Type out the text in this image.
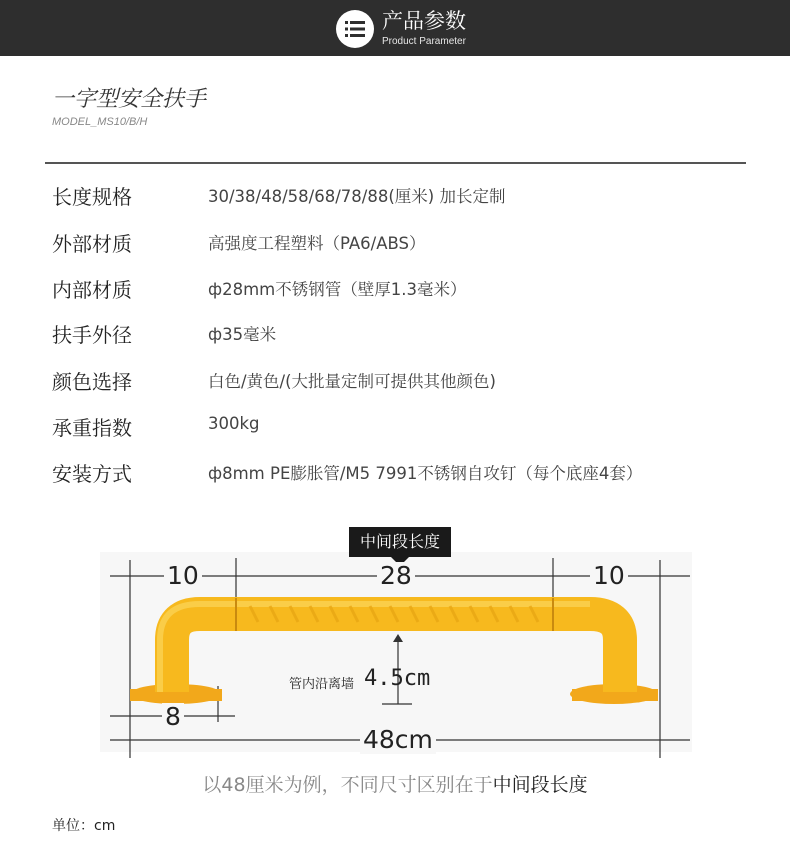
产品参数
Product Parameter
一字型安全扶手
MODEL_MS10/B/H
长度规格	30/38/48/58/68/78/88(厘米) 加长定制
外部材质	高强度工程塑料（PA6/ABS）
内部材质	ф28mm不锈钢管（壁厚1.3毫米）
扶手外径	ф35毫米
颜色选择	白色/黄色/(大批量定制可提供其他颜色)
承重指数	300kg
安装方式	ф8mm PE膨胀管/M5 7991不锈钢自攻钉（每个底座4套）
中间段长度
10	28	10
8
管内沿离墙 4.5cm
48cm
以48厘米为例，不同尺寸区别在于中间段长度
单位：cm
